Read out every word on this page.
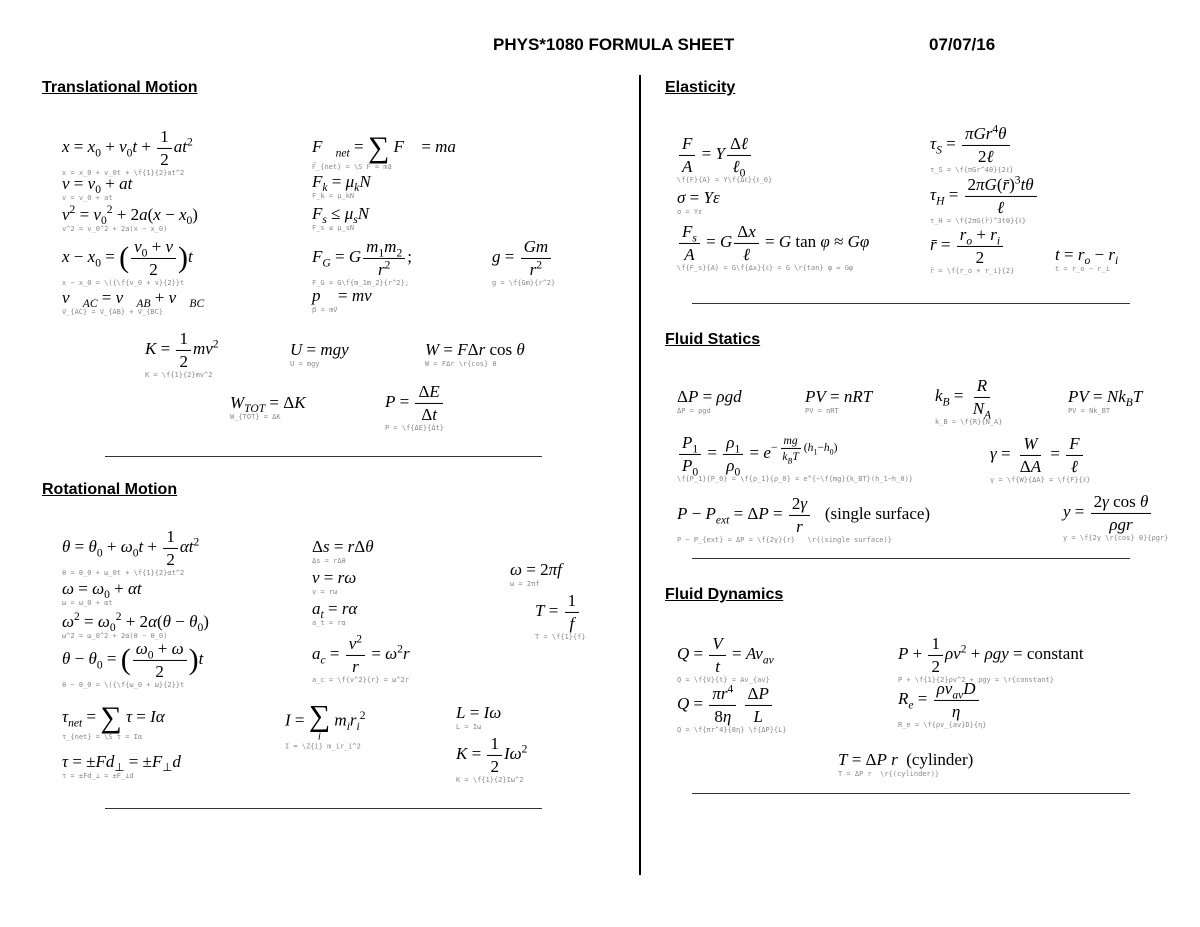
PHYS*1080 FORMULA SHEET	07/07/16
Translational Motion
Rotational Motion
Elasticity
Fluid Statics
Fluid Dynamics
$x = x_0 + v_0t + \frac{1}{2} at^2$
x = x_0 + v_0t + \f{1}{2}at^2
$v = v_0$ + at
v = v_0 + at
$v^2 = v_0^2 + 2a(x - x_0)$
v^2 = v_0^2 + 2a(x − x_0)
$x - x_0$ = ( $\frac{v_0 + v}{2} )t$
x − x_0 = \({\f{v_0 + v}{2}}t
$v⃗_{AC}$ = $v⃗_{AB}$ + $v⃗_{BC}$
v⃗_{AC} = v⃗_{AB} + v⃗_{BC}
$F⃗_{net}$ = ∑ F⃗ = ma⃗
F⃗_{net} = \S F⃗ = ma⃗
$F_k = \mu_kN$
F_k = μ_kN
$F_s \le \mu_sN$
F_s ≤ μ_sN
$F_G = G \frac{m_1m_2}{r^2}$ ;
F_G = G\f{m_1m_2}{r^2};
$g = \frac{Gm}{r^2}$
g = \f{Gm}{r^2}
p⃗ = mv⃗
p⃗ = mv⃗
$K = \frac{1}{2} mv^2$
K = \f{1}{2}mv^2
U = mgy
U = mgy
W = FΔr cos θ
W = FΔr \r{cos} θ
$W_{TOT} = \Delta K$
W_{TOT} = ΔK
$P = \frac{\Delta E}{\Delta t}$
P = \f{ΔE}{Δt}
$\theta = \theta_0 + \omega_0t + \frac{1}{2} \alpha t^2$
θ = θ_0 + ω_0t + \f{1}{2}αt^2
$\omega = \omega_0 + \alpha t$
ω = ω_0 + αt
$\omega^2 = \omega_0^2 + 2\alpha(\theta - \theta_0)$
ω^2 = ω_0^2 + 2α(θ − θ_0)
$\theta - \theta_0$ = ( $\frac{\omega_0 + \omega}{2} )t$
θ − θ_0 = \({\f{ω_0 + ω}{2}}t
$\tau_{net}$ = ∑ τ = Iα
τ_{net} = \S τ = Iα
$\tau = \pm Fd_\perp = \pm F_\perp d$
τ = ±Fd_⊥ = ±F_⊥d
Δs = rΔθ
Δs = rΔθ
v = rω
v = rω
$a_t = r\alpha$
a_t = rα
$a_c = \frac{v^2}{r} = \omega^2r$
a_c = \f{v^2}{r} = ω^2r
I = ∑
i
$m_ir_i^2$
I = \Z{i} m_ir_i^2
ω = 2πf
ω = 2πf
$T = \frac{1}{f}$
T = \f{1}{f}
L = Iω
L = Iω
$K = \frac{1}{2} I\omega^2$
K = \f{1}{2}Iω^2
$\frac{F}{A} = Y \frac{\text{Δℓ}}{\ell_0}$
\f{F}{A} = Y\f{Δℓ}{ℓ_0}
σ = Yε
σ = Yε
$\frac{F_s}{A} = G \frac{\Delta x}{\text{ℓ}} = G$ tan φ ≈ Gφ
\f{F_s}{A} = G\f{Δx}{ℓ} = G \r{tan} φ ≈ Gφ
$\tau_S = \frac{\pi Gr^4\theta}{\text{2ℓ}}$
τ_S = \f{πGr^4θ}{2ℓ}
$\tau_H = \frac{2\pi G(r̄)^3t\theta}{\text{ℓ}}$
τ_H = \f{2πG(r̄)^3tθ}{ℓ}
r̄ = $\frac{r_o + r_i}{2}$
r̄ = \f{r_o + r_i}{2}
$t = r_o - r_i$
t = r_o − r_i
ΔP = ρgd
ΔP = ρgd
PV = nRT
PV = nRT
$k_B = \frac{R}{N_A}$
k_B = \f{R}{N_A}
PV = $Nk_BT$
PV = Nk_BT
$\frac{P_1}{P_0} = \frac{\rho_1}{\rho_0} = e^{- \frac{mg}{k_BT} (h_1-h_0)}$
\f{P_1}{P_0} = \f{ρ_1}{ρ_0} = e^{−\f{mg}{k_BT}(h_1−h_0)}
$\gamma = \frac{W}{\Delta A} = \frac{F}{\text{ℓ}}$
γ = \f{W}{ΔA} = \f{F}{ℓ}
$P - P_{ext} = \Delta P = \frac{2\gamma}{r}$ (single surface)
P − P_{ext} = ΔP = \f{2γ}{r}   \r{(single surface)}
$y = \frac{\text{2γ cos θ}}{\text{ρgr}}$
y = \f{2γ \r{cos} θ}{ρgr}
$Q = \frac{V}{t} = Av_{av}$
Q = \f{V}{t} = Av_{av}
$Q = \frac{\pi r^4}{8\eta}$
$\frac{\Delta P}{L}$
Q = \f{πr^4}{8η} \f{ΔP}{L}
$P + \frac{1}{2} \rho v^2 + \rho gy$ = constant
P + \f{1}{2}ρv^2 + ρgy = \r{constant}
$R_e = \frac{\rho v_{av}D}{\eta}$
R_e = \f{ρv_{av}D}{η}
T = ΔP r (cylinder)
T = ΔP r  \r{(cylinder)}
